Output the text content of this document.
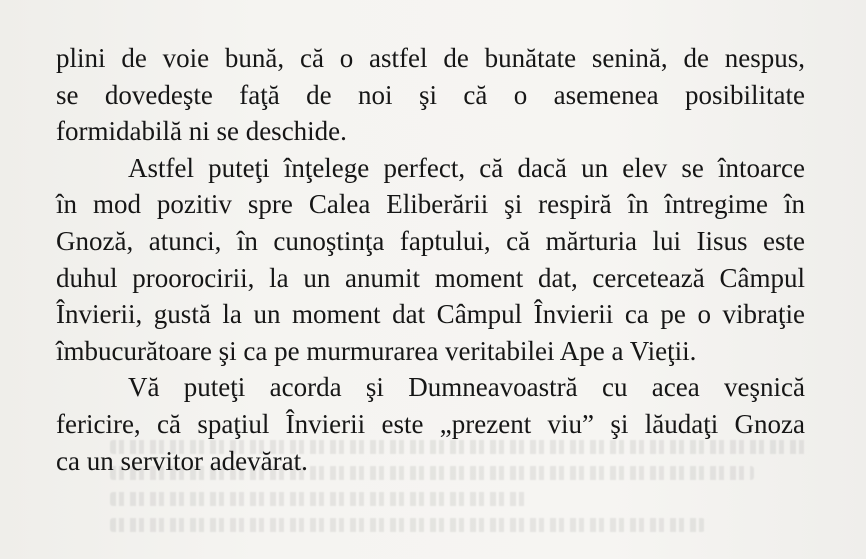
plini de voie bună, că o astfel de bunătate senină, de nespus,
se dovedeşte faţă de noi şi că o asemenea posibilitate
formidabilă ni se deschide.
Astfel puteţi înţelege perfect, că dacă un elev se întoarce
în mod pozitiv spre Calea Eliberării şi respiră în întregime în
Gnoză, atunci, în cunoştinţa faptului, că mărturia lui Iisus este
duhul proorocirii, la un anumit moment dat, cercetează Câmpul
Învierii, gustă la un moment dat Câmpul Învierii ca pe o vibraţie
îmbucurătoare şi ca pe murmurarea veritabilei Ape a Vieţii.
Vă puteţi acorda şi Dumneavoastră cu acea veşnică
fericire, că spaţiul Învierii este „prezent viu” şi lăudaţi Gnoza
ca un servitor adevărat.
